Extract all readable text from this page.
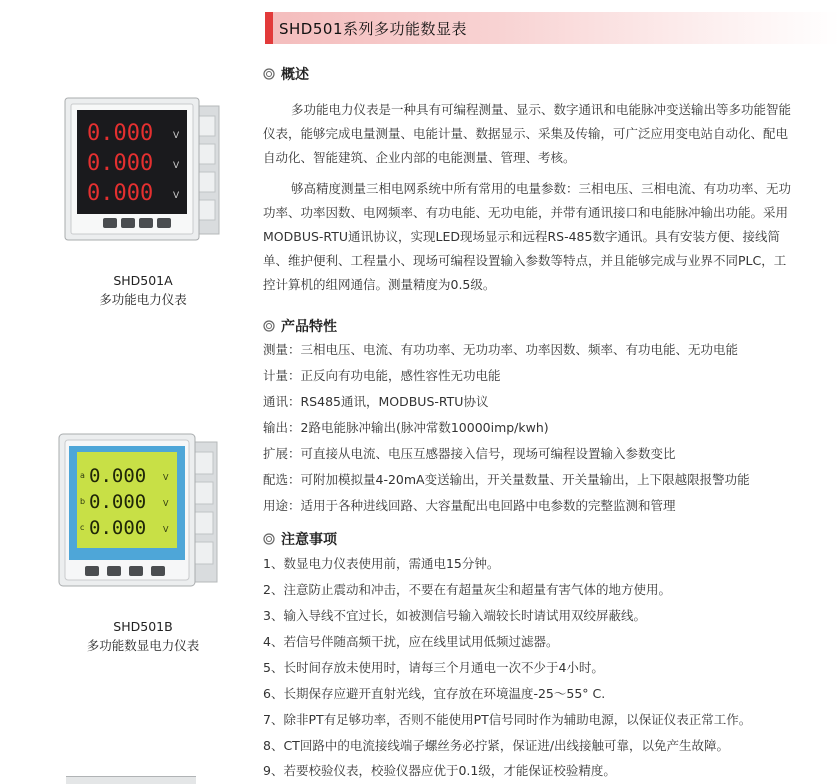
SHD501系列多功能数显表
0.000
0.000
0.000
V
V
V
SHD501A
多功能电力仪表
a
b
c
0.000
0.000
0.000
V
V
V
SHD501B
多功能数显电力仪表
概述
多功能电力仪表是一种具有可编程测量、显示、数字通讯和电能脉冲变送输出等多功能智能
仪表，能够完成电量测量、电能计量、数据显示、采集及传输，可广泛应用变电站自动化、配电
自动化、智能建筑、企业内部的电能测量、管理、考核。
够高精度测量三相电网系统中所有常用的电量参数：三相电压、三相电流、有功功率、无功
功率、功率因数、电网频率、有功电能、无功电能，并带有通讯接口和电能脉冲输出功能。采用
MODBUS-RTU通讯协议，实现LED现场显示和远程RS-485数字通讯。具有安装方便、接线简
单、维护便利、工程量小、现场可编程设置输入参数等特点，并且能够完成与业界不同PLC，工
控计算机的组网通信。测量精度为0.5级。
产品特性
测量：三相电压、电流、有功功率、无功功率、功率因数、频率、有功电能、无功电能
计量：正反向有功电能，感性容性无功电能
通讯：RS485通讯，MODBUS-RTU协议
输出：2路电能脉冲输出(脉冲常数10000imp/kwh)
扩展：可直接从电流、电压互感器接入信号，现场可编程设置输入参数变比
配选：可附加模拟量4-20mA变送输出，开关量数量、开关量输出，上下限越限报警功能
用途：适用于各种进线回路、大容量配出电回路中电参数的完整监测和管理
注意事项
1、数显电力仪表使用前，需通电15分钟。
2、注意防止震动和冲击，不要在有超量灰尘和超量有害气体的地方使用。
3、输入导线不宜过长，如被测信号输入端较长时请试用双绞屏蔽线。
4、若信号伴随高频干扰，应在线里试用低频过滤器。
5、长时间存放未使用时，请每三个月通电一次不少于4小时。
6、长期保存应避开直射光线，宜存放在环境温度-25～55° C.
7、除非PT有足够功率，否则不能使用PT信号同时作为辅助电源，以保证仪表正常工作。
8、CT回路中的电流接线端子螺丝务必拧紧，保证进/出线接触可靠，以免产生故障。
9、若要校验仪表，校验仪器应优于0.1级，才能保证校验精度。
